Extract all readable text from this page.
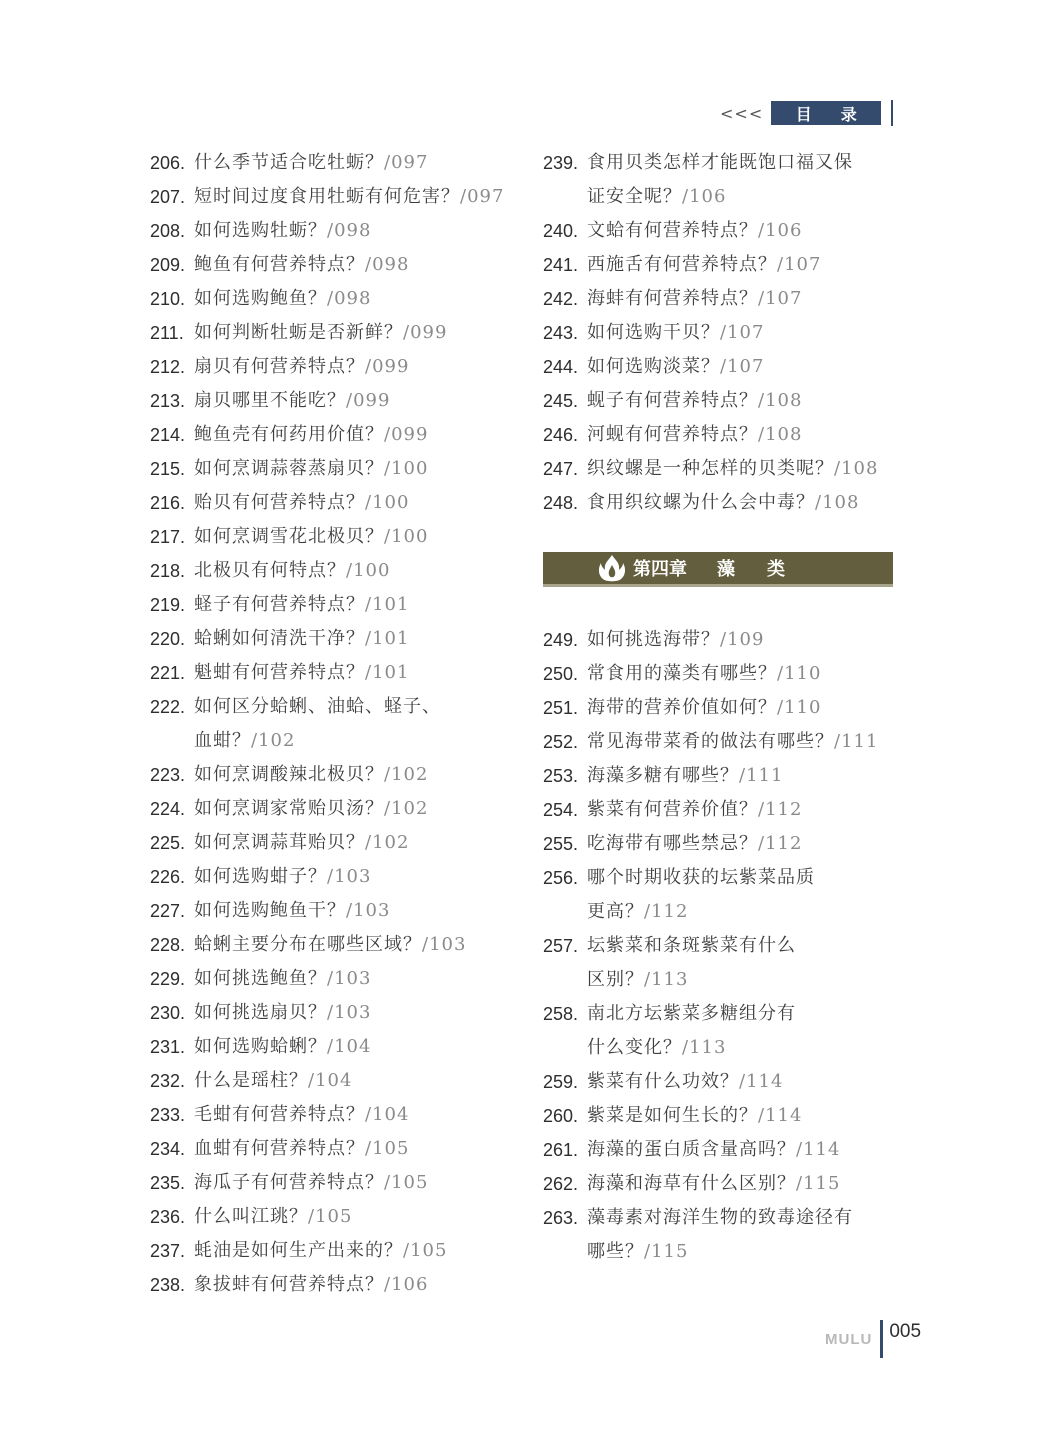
<<< 目 录
206. 什么季节适合吃牡蛎？/097
207. 短时间过度食用牡蛎有何危害？/097
208. 如何选购牡蛎？/098
209. 鲍鱼有何营养特点？/098
210. 如何选购鲍鱼？/098
211. 如何判断牡蛎是否新鲜？/099
212. 扇贝有何营养特点？/099
213. 扇贝哪里不能吃？/099
214. 鲍鱼壳有何药用价值？/099
215. 如何烹调蒜蓉蒸扇贝？/100
216. 贻贝有何营养特点？/100
217. 如何烹调雪花北极贝？/100
218. 北极贝有何特点？/100
219. 蛏子有何营养特点？/101
220. 蛤蜊如何清洗干净？/101
221. 魁蚶有何营养特点？/101
222. 如何区分蛤蜊、油蛤、蛏子、
血蚶？/102
223. 如何烹调酸辣北极贝？/102
224. 如何烹调家常贻贝汤？/102
225. 如何烹调蒜茸贻贝？/102
226. 如何选购蚶子？/103
227. 如何选购鲍鱼干？/103
228. 蛤蜊主要分布在哪些区域？/103
229. 如何挑选鲍鱼？/103
230. 如何挑选扇贝？/103
231. 如何选购蛤蜊？/104
232. 什么是瑶柱？/104
233. 毛蚶有何营养特点？/104
234. 血蚶有何营养特点？/105
235. 海瓜子有何营养特点？/105
236. 什么叫江珧？/105
237. 蚝油是如何生产出来的？/105
238. 象拔蚌有何营养特点？/106
239. 食用贝类怎样才能既饱口福又保
证安全呢？/106
240. 文蛤有何营养特点？/106
241. 西施舌有何营养特点？/107
242. 海蚌有何营养特点？/107
243. 如何选购干贝？/107
244. 如何选购淡菜？/107
245. 蚬子有何营养特点？/108
246. 河蚬有何营养特点？/108
247. 织纹螺是一种怎样的贝类呢？/108
248. 食用织纹螺为什么会中毒？/108
第四章 藻类
249. 如何挑选海带？/109
250. 常食用的藻类有哪些？/110
251. 海带的营养价值如何？/110
252. 常见海带菜肴的做法有哪些？/111
253. 海藻多糖有哪些？/111
254. 紫菜有何营养价值？/112
255. 吃海带有哪些禁忌？/112
256. 哪个时期收获的坛紫菜品质
更高？/112
257. 坛紫菜和条斑紫菜有什么
区别？/113
258. 南北方坛紫菜多糖组分有
什么变化？/113
259. 紫菜有什么功效？/114
260. 紫菜是如何生长的？/114
261. 海藻的蛋白质含量高吗？/114
262. 海藻和海草有什么区别？/115
263. 藻毒素对海洋生物的致毒途径有
哪些？/115
MULU 005
